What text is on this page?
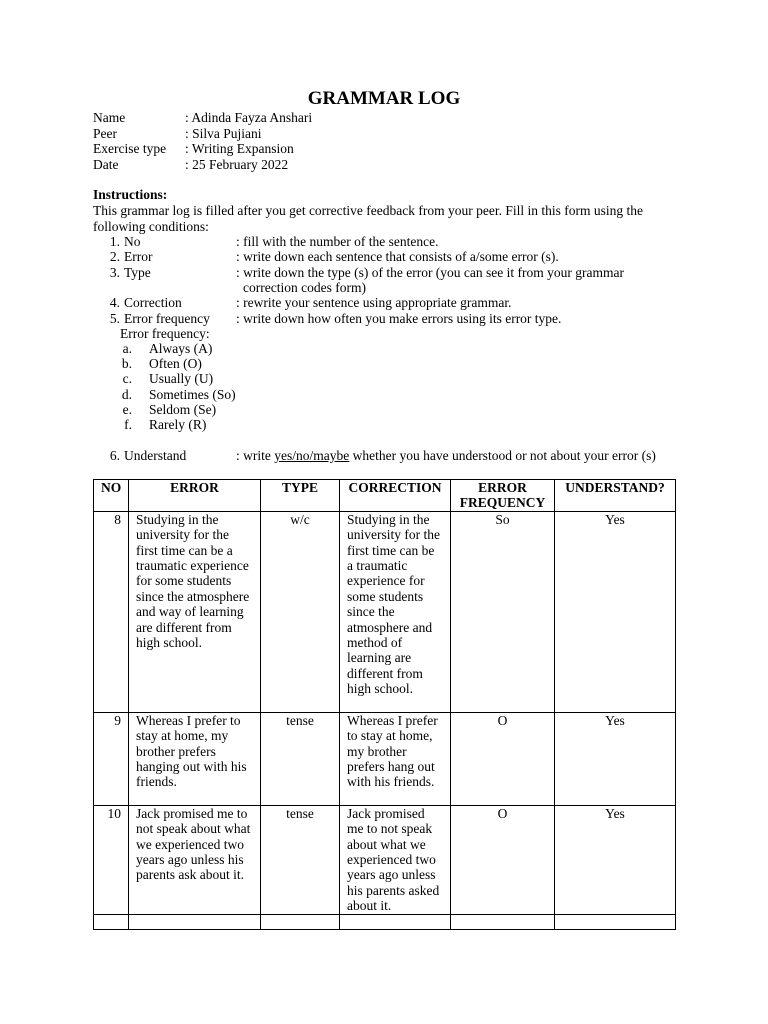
GRAMMAR LOG
Name	: Adinda Fayza Anshari
Peer	: Silva Pujiani
Exercise type	: Writing Expansion
Date	: 25 February 2022
Instructions:
This grammar log is filled after you get corrective feedback from your peer. Fill in this form using the following conditions:
1. No	: fill with the number of the sentence.
2. Error	: write down each sentence that consists of a/some error (s).
3. Type	: write down the type (s) of the error (you can see it from your grammar
correction codes form)
4. Correction	: rewrite your sentence using appropriate grammar.
5. Error frequency	: write down how often you make errors using its error type.
Error frequency:
a.	Always (A)
b.	Often (O)
c.	Usually (U)
d.	Sometimes (So)
e.	Seldom (Se)
f.	Rarely (R)
6. Understand	: write yes/no/maybe whether you have understood or not about your error (s)
NO	ERROR	TYPE	CORRECTION	ERROR FREQUENCY	UNDERSTAND?
8	Studying in the university for the first time can be a traumatic experience for some students since the atmosphere and way of learning are different from high school.	w/c	Studying in the university for the first time can be a traumatic experience for some students since the atmosphere and method of learning are different from high school.	So	Yes
9	Whereas I prefer to stay at home, my brother prefers hanging out with his friends.	tense	Whereas I prefer to stay at home, my brother prefers hang out with his friends.	O	Yes
10	Jack promised me to not speak about what we experienced two years ago unless his parents ask about it.	tense	Jack promised me to not speak about what we experienced two years ago unless his parents asked about it.	O	Yes
